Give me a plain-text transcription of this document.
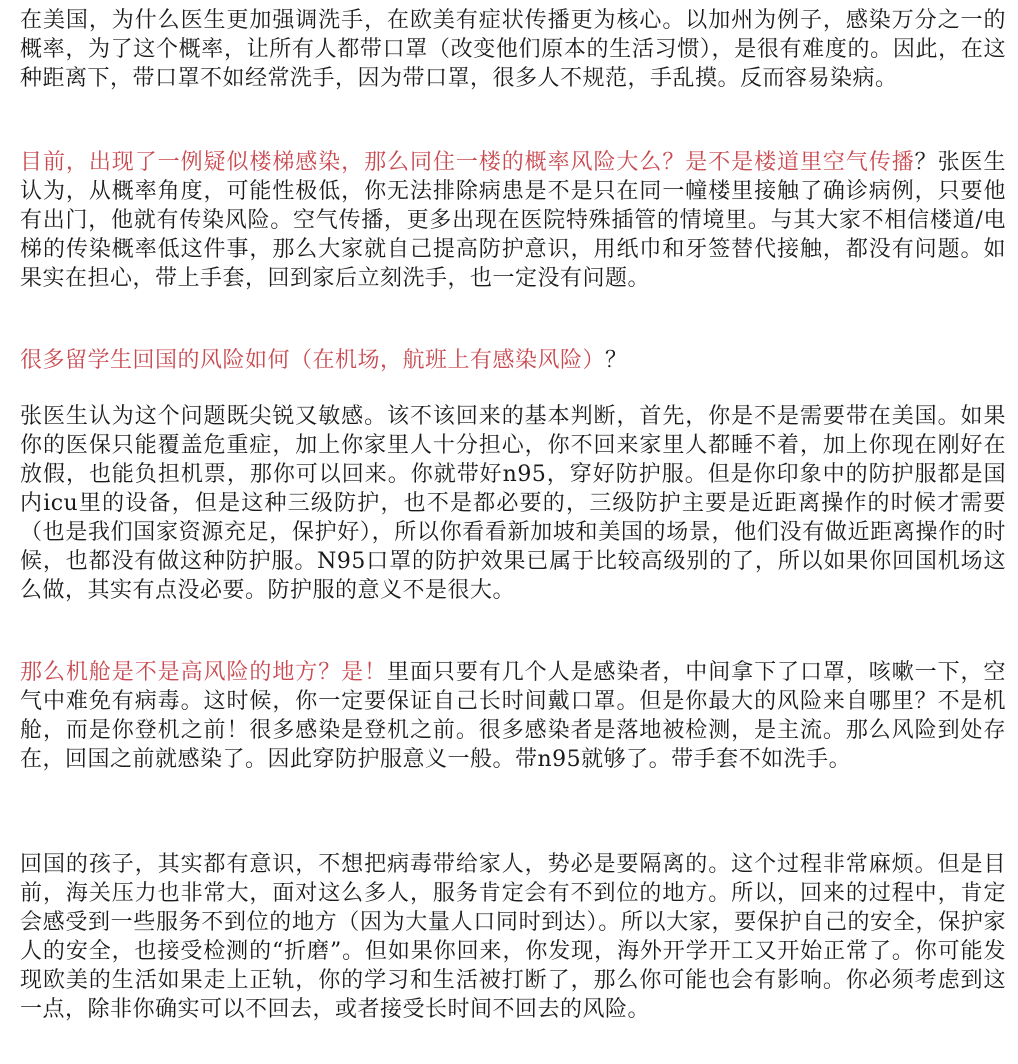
在美国，为什么医生更加强调洗手，在欧美有症状传播更为核心。以加州为例子，感染万分之一的概率，为了这个概率，让所有人都带口罩（改变他们原本的生活习惯），是很有难度的。因此，在这种距离下，带口罩不如经常洗手，因为带口罩，很多人不规范，手乱摸。反而容易染病。

目前，出现了一例疑似楼梯感染，那么同住一楼的概率风险大么？是不是楼道里空气传播？张医生认为，从概率角度，可能性极低，你无法排除病患是不是只在同一幢楼里接触了确诊病例，只要他有出门，他就有传染风险。空气传播，更多出现在医院特殊插管的情境里。与其大家不相信楼道/电梯的传染概率低这件事，那么大家就自己提高防护意识，用纸巾和牙签替代接触，都没有问题。如果实在担心，带上手套，回到家后立刻洗手，也一定没有问题。

很多留学生回国的风险如何（在机场，航班上有感染风险）？

张医生认为这个问题既尖锐又敏感。该不该回来的基本判断，首先，你是不是需要带在美国。如果你的医保只能覆盖危重症，加上你家里人十分担心，你不回来家里人都睡不着，加上你现在刚好在放假，也能负担机票，那你可以回来。你就带好n95，穿好防护服。但是你印象中的防护服都是国内icu里的设备，但是这种三级防护，也不是都必要的，三级防护主要是近距离操作的时候才需要（也是我们国家资源充足，保护好），所以你看看新加坡和美国的场景，他们没有做近距离操作的时候，也都没有做这种防护服。N95口罩的防护效果已属于比较高级别的了，所以如果你回国机场这么做，其实有点没必要。防护服的意义不是很大。

那么机舱是不是高风险的地方？是！里面只要有几个人是感染者，中间拿下了口罩，咳嗽一下，空气中难免有病毒。这时候，你一定要保证自己长时间戴口罩。但是你最大的风险来自哪里？不是机舱，而是你登机之前！很多感染是登机之前。很多感染者是落地被检测，是主流。那么风险到处存在，回国之前就感染了。因此穿防护服意义一般。带n95就够了。带手套不如洗手。

回国的孩子，其实都有意识，不想把病毒带给家人，势必是要隔离的。这个过程非常麻烦。但是目前，海关压力也非常大，面对这么多人，服务肯定会有不到位的地方。所以，回来的过程中，肯定会感受到一些服务不到位的地方（因为大量人口同时到达）。所以大家，要保护自己的安全，保护家人的安全，也接受检测的“折磨”。但如果你回来，你发现，海外开学开工又开始正常了。你可能发现欧美的生活如果走上正轨，你的学习和生活被打断了，那么你可能也会有影响。你必须考虑到这一点，除非你确实可以不回去，或者接受长时间不回去的风险。
